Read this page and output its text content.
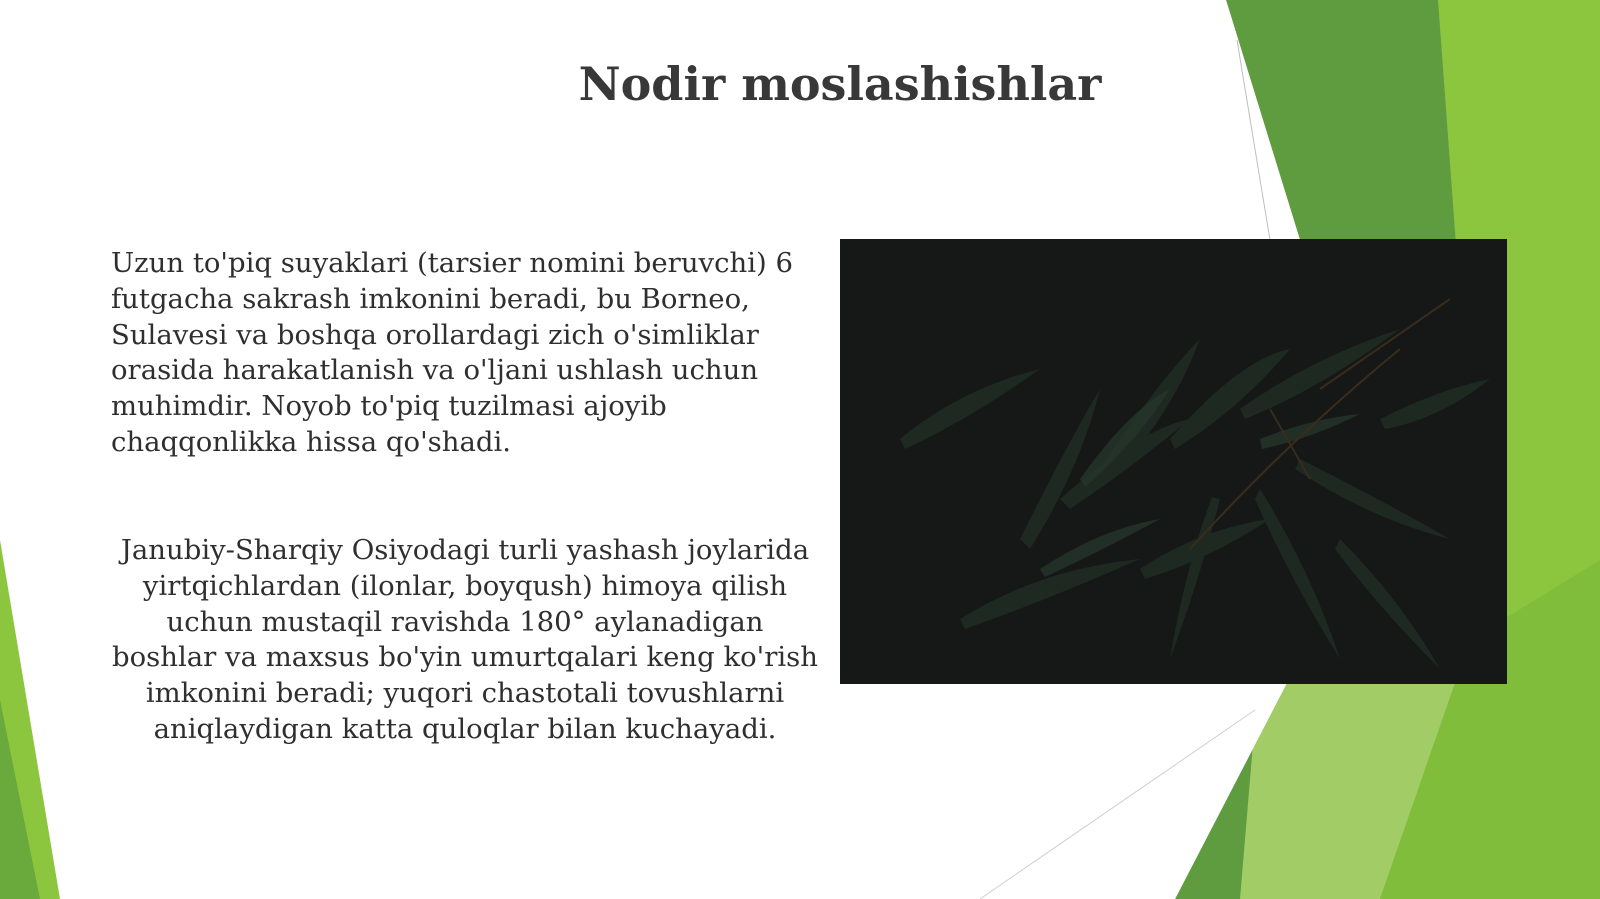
Nodir moslashishlar

Uzun to'piq suyaklari (tarsier nomini beruvchi) 6 futgacha sakrash imkonini beradi, bu Borneo, Sulavesi va boshqa orollardagi zich o'simliklar orasida harakatlanish va o'ljani ushlash uchun muhimdir. Noyob to'piq tuzilmasi ajoyib chaqqonlikka hissa qo'shadi.

Janubiy-Sharqiy Osiyodagi turli yashash joylarida yirtqichlardan (ilonlar, boyqush) himoya qilish uchun mustaqil ravishda 180° aylanadigan boshlar va maxsus bo'yin umurtqalari keng ko'rish imkonini beradi; yuqori chastotali tovushlarni aniqlaydigan katta quloqlar bilan kuchayadi.
